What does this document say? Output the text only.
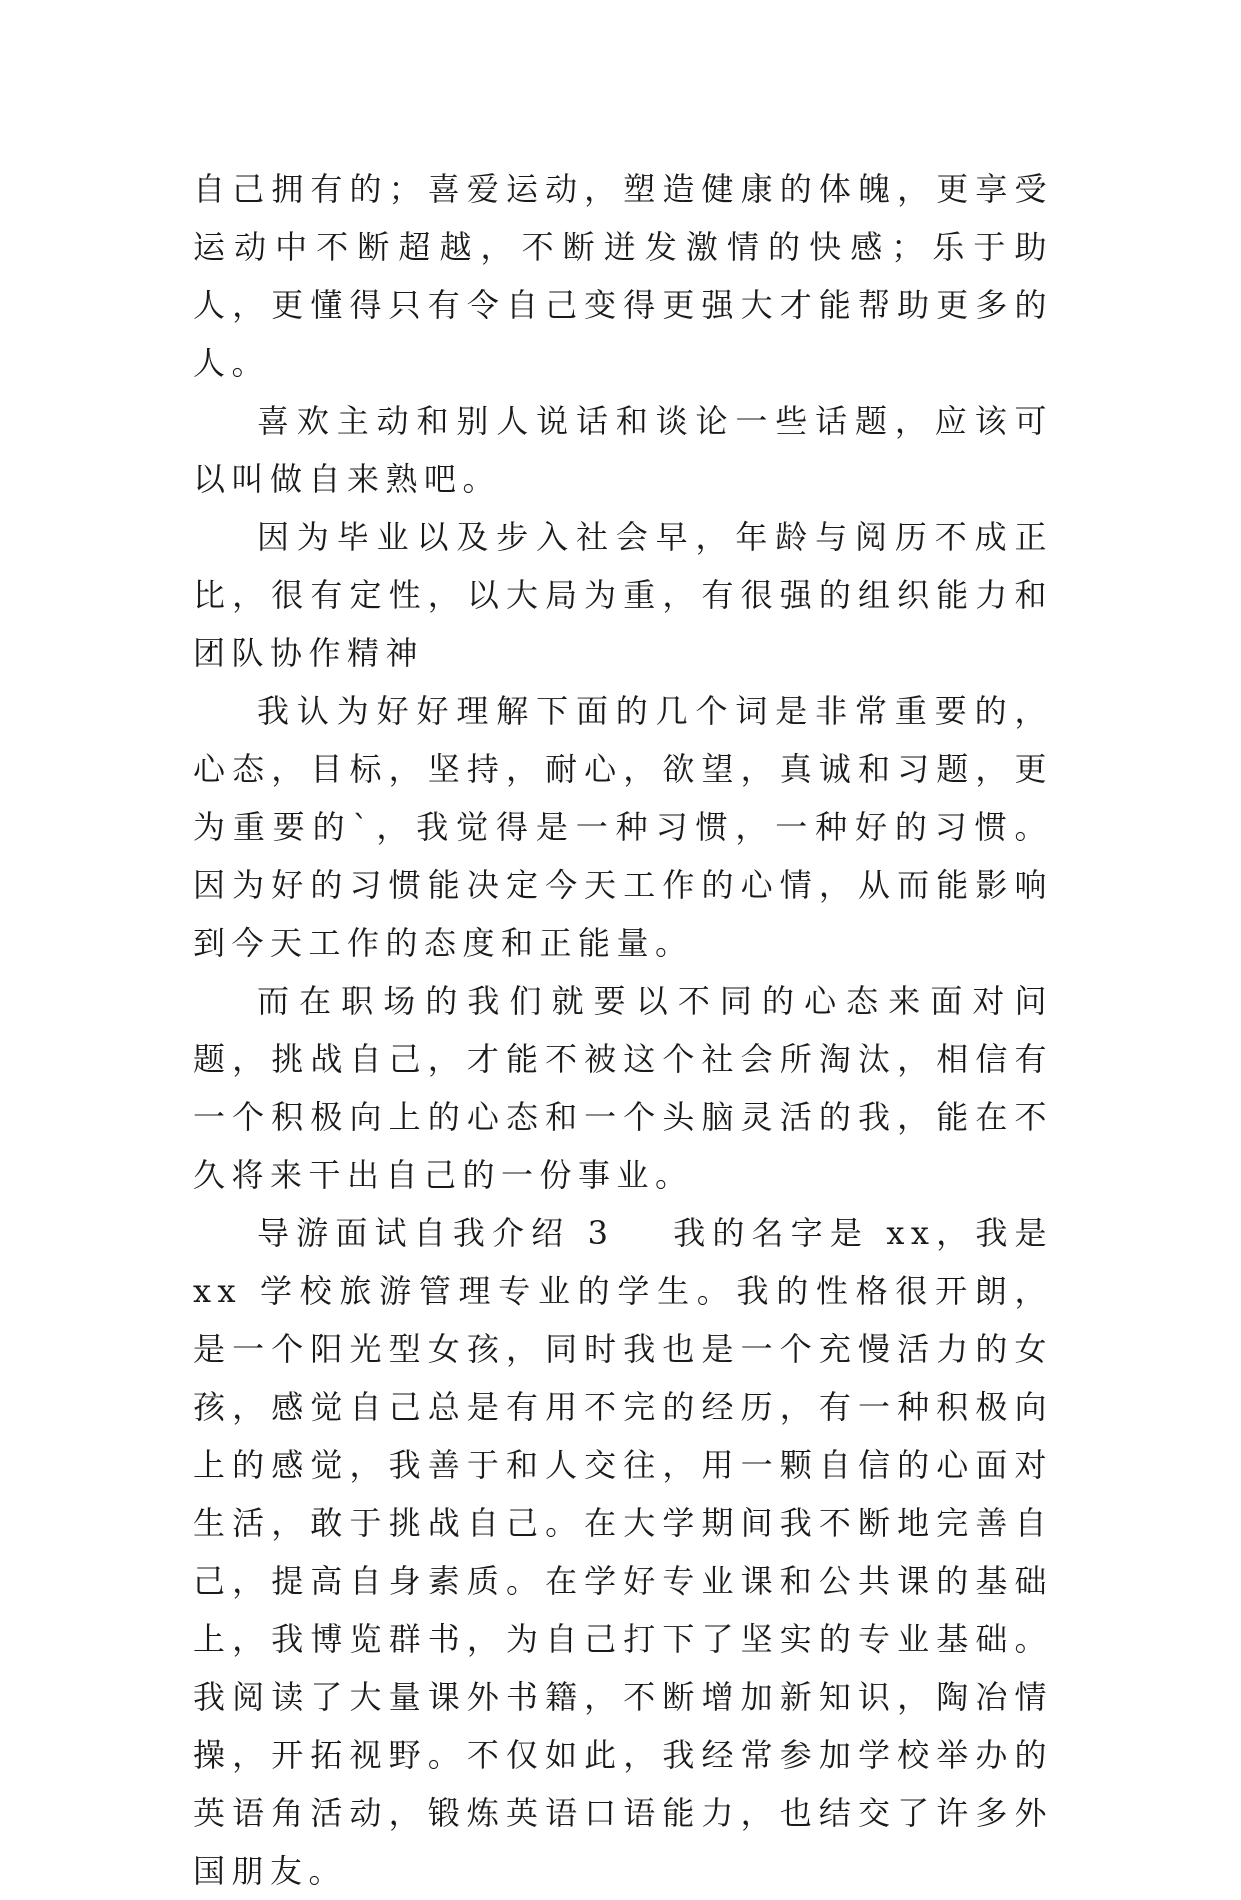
自己拥有的；喜爱运动，塑造健康的体魄，更享受运动中不断超越，不断迸发激情的快感；乐于助人，更懂得只有令自己变得更强大才能帮助更多的人。

喜欢主动和别人说话和谈论一些话题，应该可以叫做自来熟吧。

因为毕业以及步入社会早，年龄与阅历不成正比，很有定性，以大局为重，有很强的组织能力和团队协作精神

我认为好好理解下面的几个词是非常重要的，心态，目标，坚持，耐心，欲望，真诚和习题，更为重要的`，我觉得是一种习惯，一种好的习惯。因为好的习惯能决定今天工作的心情，从而能影响到今天工作的态度和正能量。

而在职场的我们就要以不同的心态来面对问题，挑战自己，才能不被这个社会所淘汰，相信有一个积极向上的心态和一个头脑灵活的我，能在不久将来干出自己的一份事业。

导游面试自我介绍 3 我的名字是 xx，我是 xx 学校旅游管理专业的学生。我的性格很开朗，是一个阳光型女孩，同时我也是一个充慢活力的女孩，感觉自己总是有用不完的经历，有一种积极向上的感觉，我善于和人交往，用一颗自信的心面对生活，敢于挑战自己。在大学期间我不断地完善自己，提高自身素质。在学好专业课和公共课的基础上，我博览群书，为自己打下了坚实的专业基础。我阅读了大量课外书籍，不断增加新知识，陶冶情操，开拓视野。不仅如此，我经常参加学校举办的英语角活动，锻炼英语口语能力，也结交了许多外国朋友。
